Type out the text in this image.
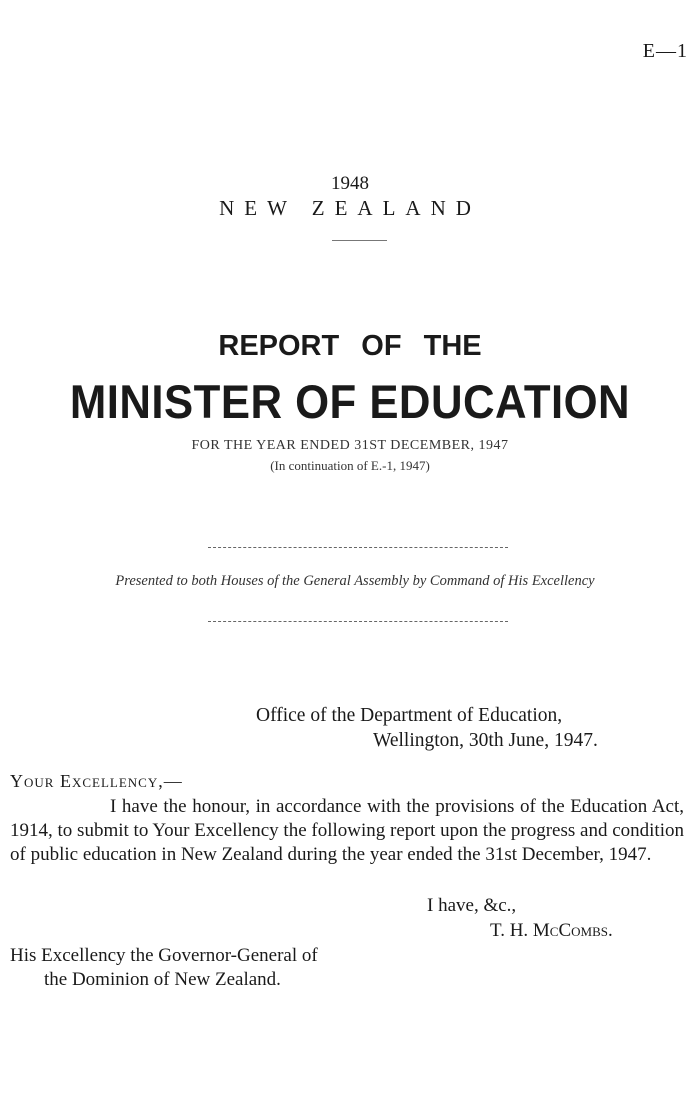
E—1
1948
NEW ZEALAND
REPORT OF THE
MINISTER OF EDUCATION
FOR THE YEAR ENDED 31ST DECEMBER, 1947
(In continuation of E.-1, 1947)
Presented to both Houses of the General Assembly by Command of His Excellency
Office of the Department of Education,
Wellington, 30th June, 1947.
Your Excellency,—
I have the honour, in accordance with the provisions of the Education Act, 1914, to submit to Your Excellency the following report upon the progress and condition of public education in New Zealand during the year ended the 31st December, 1947.
I have, &c.,
T. H. McCombs.
His Excellency the Governor-General of
the Dominion of New Zealand.
